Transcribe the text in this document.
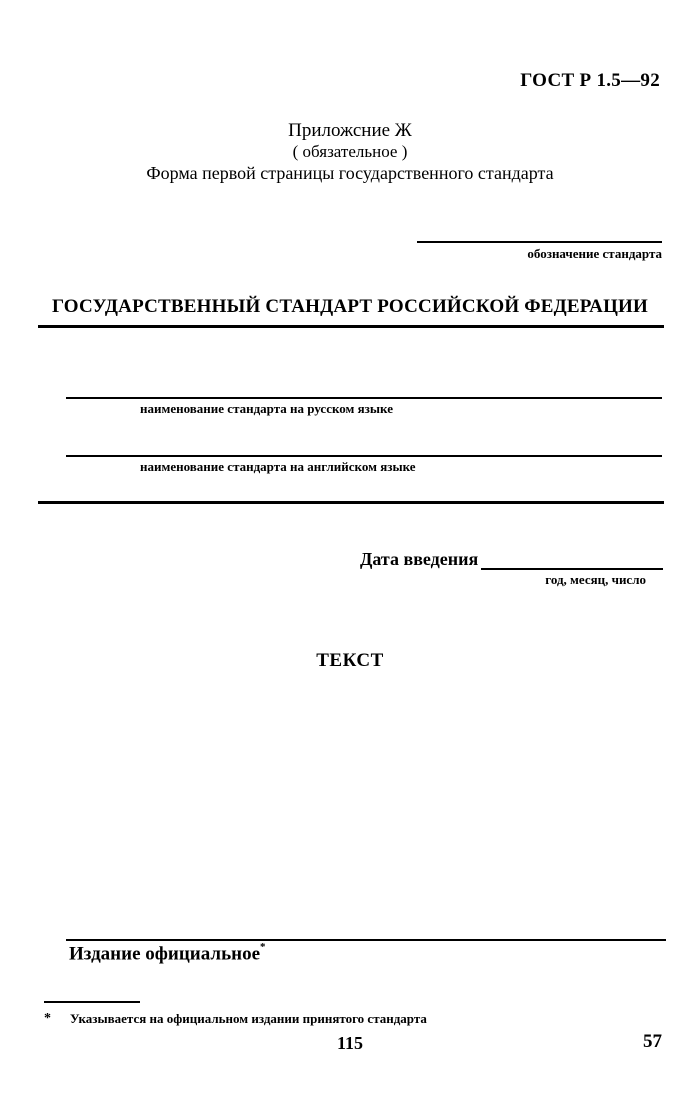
ГОСТ Р 1.5—92
Приложсние Ж
( обязательное )
Форма первой страницы государственного стандарта
обозначение стандарта
ГОСУДАРСТВЕННЫЙ СТАНДАРТ РОССИЙСКОЙ ФЕДЕРАЦИИ
наименование стандарта на русском языке
наименование стандарта на английском языке
Дата введения
год, месяц, число
ТЕКСТ
Издание официальное*
* Указывается на официальном издании принятого стандарта
115	57
